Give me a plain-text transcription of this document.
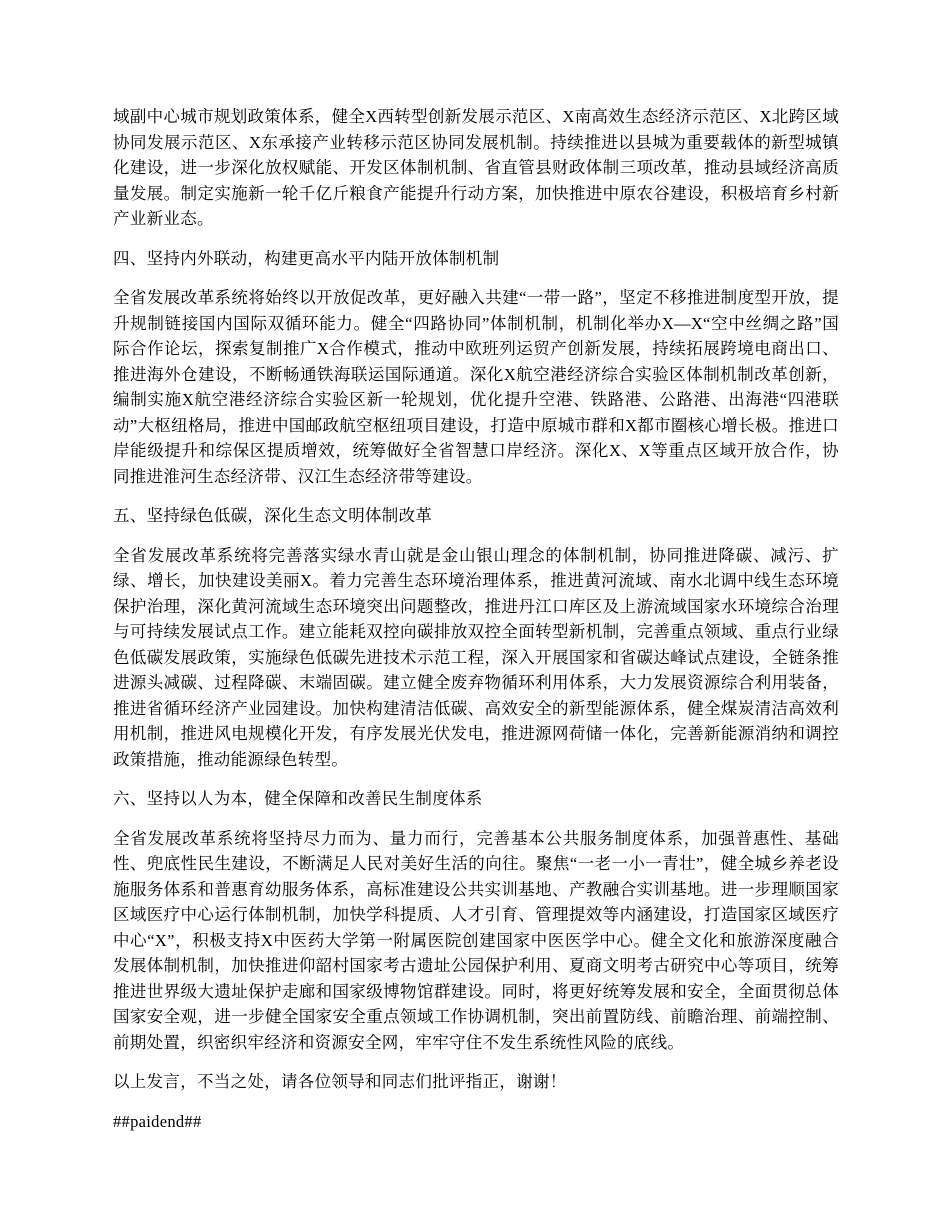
域副中心城市规划政策体系，健全X西转型创新发展示范区、X南高效生态经济示范区、X北跨区域协同发展示范区、X东承接产业转移示范区协同发展机制。持续推进以县城为重要载体的新型城镇化建设，进一步深化放权赋能、开发区体制机制、省直管县财政体制三项改革，推动县域经济高质量发展。制定实施新一轮千亿斤粮食产能提升行动方案，加快推进中原农谷建设，积极培育乡村新产业新业态。

四、坚持内外联动，构建更高水平内陆开放体制机制

全省发展改革系统将始终以开放促改革，更好融入共建“一带一路”，坚定不移推进制度型开放，提升规制链接国内国际双循环能力。健全“四路协同”体制机制，机制化举办X—X“空中丝绸之路”国际合作论坛，探索复制推广X合作模式，推动中欧班列运贸产创新发展，持续拓展跨境电商出口、推进海外仓建设，不断畅通铁海联运国际通道。深化X航空港经济综合实验区体制机制改革创新，编制实施X航空港经济综合实验区新一轮规划，优化提升空港、铁路港、公路港、出海港“四港联动”大枢纽格局，推进中国邮政航空枢纽项目建设，打造中原城市群和X都市圈核心增长极。推进口岸能级提升和综保区提质增效，统筹做好全省智慧口岸经济。深化X、X等重点区域开放合作，协同推进淮河生态经济带、汉江生态经济带等建设。

五、坚持绿色低碳，深化生态文明体制改革

全省发展改革系统将完善落实绿水青山就是金山银山理念的体制机制，协同推进降碳、减污、扩绿、增长，加快建设美丽X。着力完善生态环境治理体系，推进黄河流域、南水北调中线生态环境保护治理，深化黄河流域生态环境突出问题整改，推进丹江口库区及上游流域国家水环境综合治理与可持续发展试点工作。建立能耗双控向碳排放双控全面转型新机制，完善重点领域、重点行业绿色低碳发展政策，实施绿色低碳先进技术示范工程，深入开展国家和省碳达峰试点建设，全链条推进源头减碳、过程降碳、末端固碳。建立健全废弃物循环利用体系，大力发展资源综合利用装备，推进省循环经济产业园建设。加快构建清洁低碳、高效安全的新型能源体系，健全煤炭清洁高效利用机制，推进风电规模化开发，有序发展光伏发电，推进源网荷储一体化，完善新能源消纳和调控政策措施，推动能源绿色转型。

六、坚持以人为本，健全保障和改善民生制度体系

全省发展改革系统将坚持尽力而为、量力而行，完善基本公共服务制度体系，加强普惠性、基础性、兜底性民生建设，不断满足人民对美好生活的向往。聚焦“一老一小一青壮”，健全城乡养老设施服务体系和普惠育幼服务体系，高标准建设公共实训基地、产教融合实训基地。进一步理顺国家区域医疗中心运行体制机制，加快学科提质、人才引育、管理提效等内涵建设，打造国家区域医疗中心“X”，积极支持X中医药大学第一附属医院创建国家中医医学中心。健全文化和旅游深度融合发展体制机制，加快推进仰韶村国家考古遗址公园保护利用、夏商文明考古研究中心等项目，统筹推进世界级大遗址保护走廊和国家级博物馆群建设。同时，将更好统筹发展和安全，全面贯彻总体国家安全观，进一步健全国家安全重点领域工作协调机制，突出前置防线、前瞻治理、前端控制、前期处置，织密织牢经济和资源安全网，牢牢守住不发生系统性风险的底线。

以上发言，不当之处，请各位领导和同志们批评指正，谢谢！

##paidend##
